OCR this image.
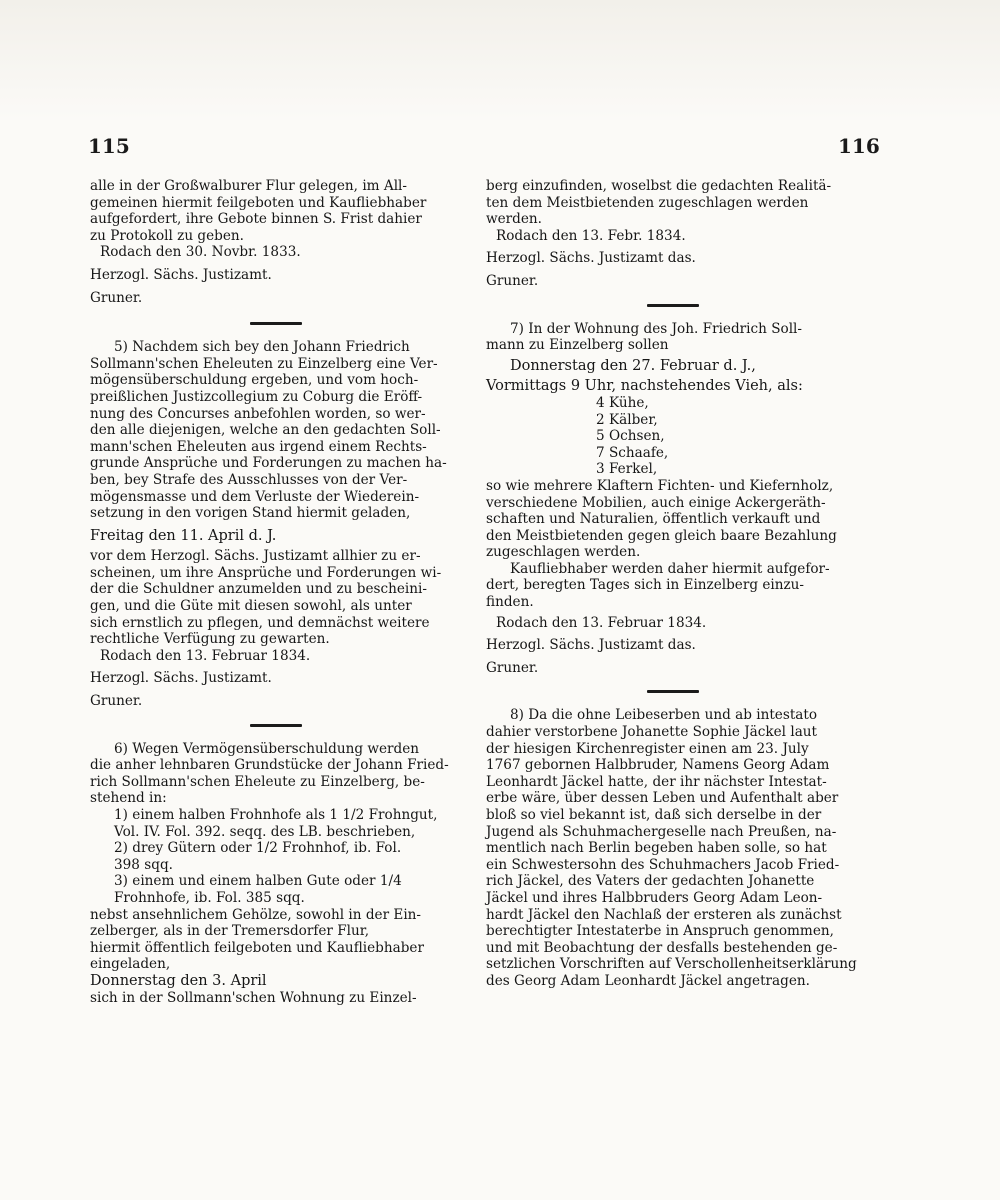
115	116

alle in der Großwalburer Flur gelegen, im All-

gemeinen hiermit feilgeboten und Kaufliebhaber

aufgefordert, ihre Gebote binnen S. Frist dahier

zu Protokoll zu geben.

Rodach den 30. Novbr. 1833.

Herzogl. Sächs. Justizamt.

Gruner.

5) Nachdem sich bey den Johann Friedrich

Sollmann'schen Eheleuten zu Einzelberg eine Ver-

mögensüberschuldung ergeben, und vom hoch-

preißlichen Justizcollegium zu Coburg die Eröff-

nung des Concurses anbefohlen worden, so wer-

den alle diejenigen, welche an den gedachten Soll-

mann'schen Eheleuten aus irgend einem Rechts-

grunde Ansprüche und Forderungen zu machen ha-

ben, bey Strafe des Ausschlusses von der Ver-

mögensmasse und dem Verluste der Wiederein-

setzung in den vorigen Stand hiermit geladen,

Freitag den 11. April d. J.

vor dem Herzogl. Sächs. Justizamt allhier zu er-

scheinen, um ihre Ansprüche und Forderungen wi-

der die Schuldner anzumelden und zu bescheini-

gen, und die Güte mit diesen sowohl, als unter

sich ernstlich zu pflegen, und demnächst weitere

rechtliche Verfügung zu gewarten.

Rodach den 13. Februar 1834.

Herzogl. Sächs. Justizamt.

Gruner.

6) Wegen Vermögensüberschuldung werden

die anher lehnbaren Grundstücke der Johann Fried-

rich Sollmann'schen Eheleute zu Einzelberg, be-

stehend in:

1) einem halben Frohnhofe als 1 1/2 Frohngut,

Vol. IV. Fol. 392. seqq. des LB. beschrieben,

2) drey Gütern oder 1/2 Frohnhof, ib. Fol.

398 sqq.

3) einem und einem halben Gute oder 1/4

Frohnhofe, ib. Fol. 385 sqq.

nebst ansehnlichem Gehölze, sowohl in der Ein-

zelberger, als in der Tremersdorfer Flur,

hiermit öffentlich feilgeboten und Kaufliebhaber

eingeladen,

Donnerstag den 3. April

sich in der Sollmann'schen Wohnung zu Einzel-

berg einzufinden, woselbst die gedachten Realitä-

ten dem Meistbietenden zugeschlagen werden

werden.

Rodach den 13. Febr. 1834.

Herzogl. Sächs. Justizamt das.

Gruner.

7) In der Wohnung des Joh. Friedrich Soll-

mann zu Einzelberg sollen

Donnerstag den 27. Februar d. J.,

Vormittags 9 Uhr, nachstehendes Vieh, als:

4 Kühe,

2 Kälber,

5 Ochsen,

7 Schaafe,

3 Ferkel,

so wie mehrere Klaftern Fichten- und Kiefernholz,

verschiedene Mobilien, auch einige Ackergeräth-

schaften und Naturalien, öffentlich verkauft und

den Meistbietenden gegen gleich baare Bezahlung

zugeschlagen werden.

Kaufliebhaber werden daher hiermit aufgefor-

dert, beregten Tages sich in Einzelberg einzu-

finden.

Rodach den 13. Februar 1834.

Herzogl. Sächs. Justizamt das.

Gruner.

8) Da die ohne Leibeserben und ab intestato

dahier verstorbene Johanette Sophie Jäckel laut

der hiesigen Kirchenregister einen am 23. July

1767 gebornen Halbbruder, Namens Georg Adam

Leonhardt Jäckel hatte, der ihr nächster Intestat-

erbe wäre, über dessen Leben und Aufenthalt aber

bloß so viel bekannt ist, daß sich derselbe in der

Jugend als Schuhmachergeselle nach Preußen, na-

mentlich nach Berlin begeben haben solle, so hat

ein Schwestersohn des Schuhmachers Jacob Fried-

rich Jäckel, des Vaters der gedachten Johanette

Jäckel und ihres Halbbruders Georg Adam Leon-

hardt Jäckel den Nachlaß der ersteren als zunächst

berechtigter Intestaterbe in Anspruch genommen,

und mit Beobachtung der desfalls bestehenden ge-

setzlichen Vorschriften auf Verschollenheitserklärung

des Georg Adam Leonhardt Jäckel angetragen.
